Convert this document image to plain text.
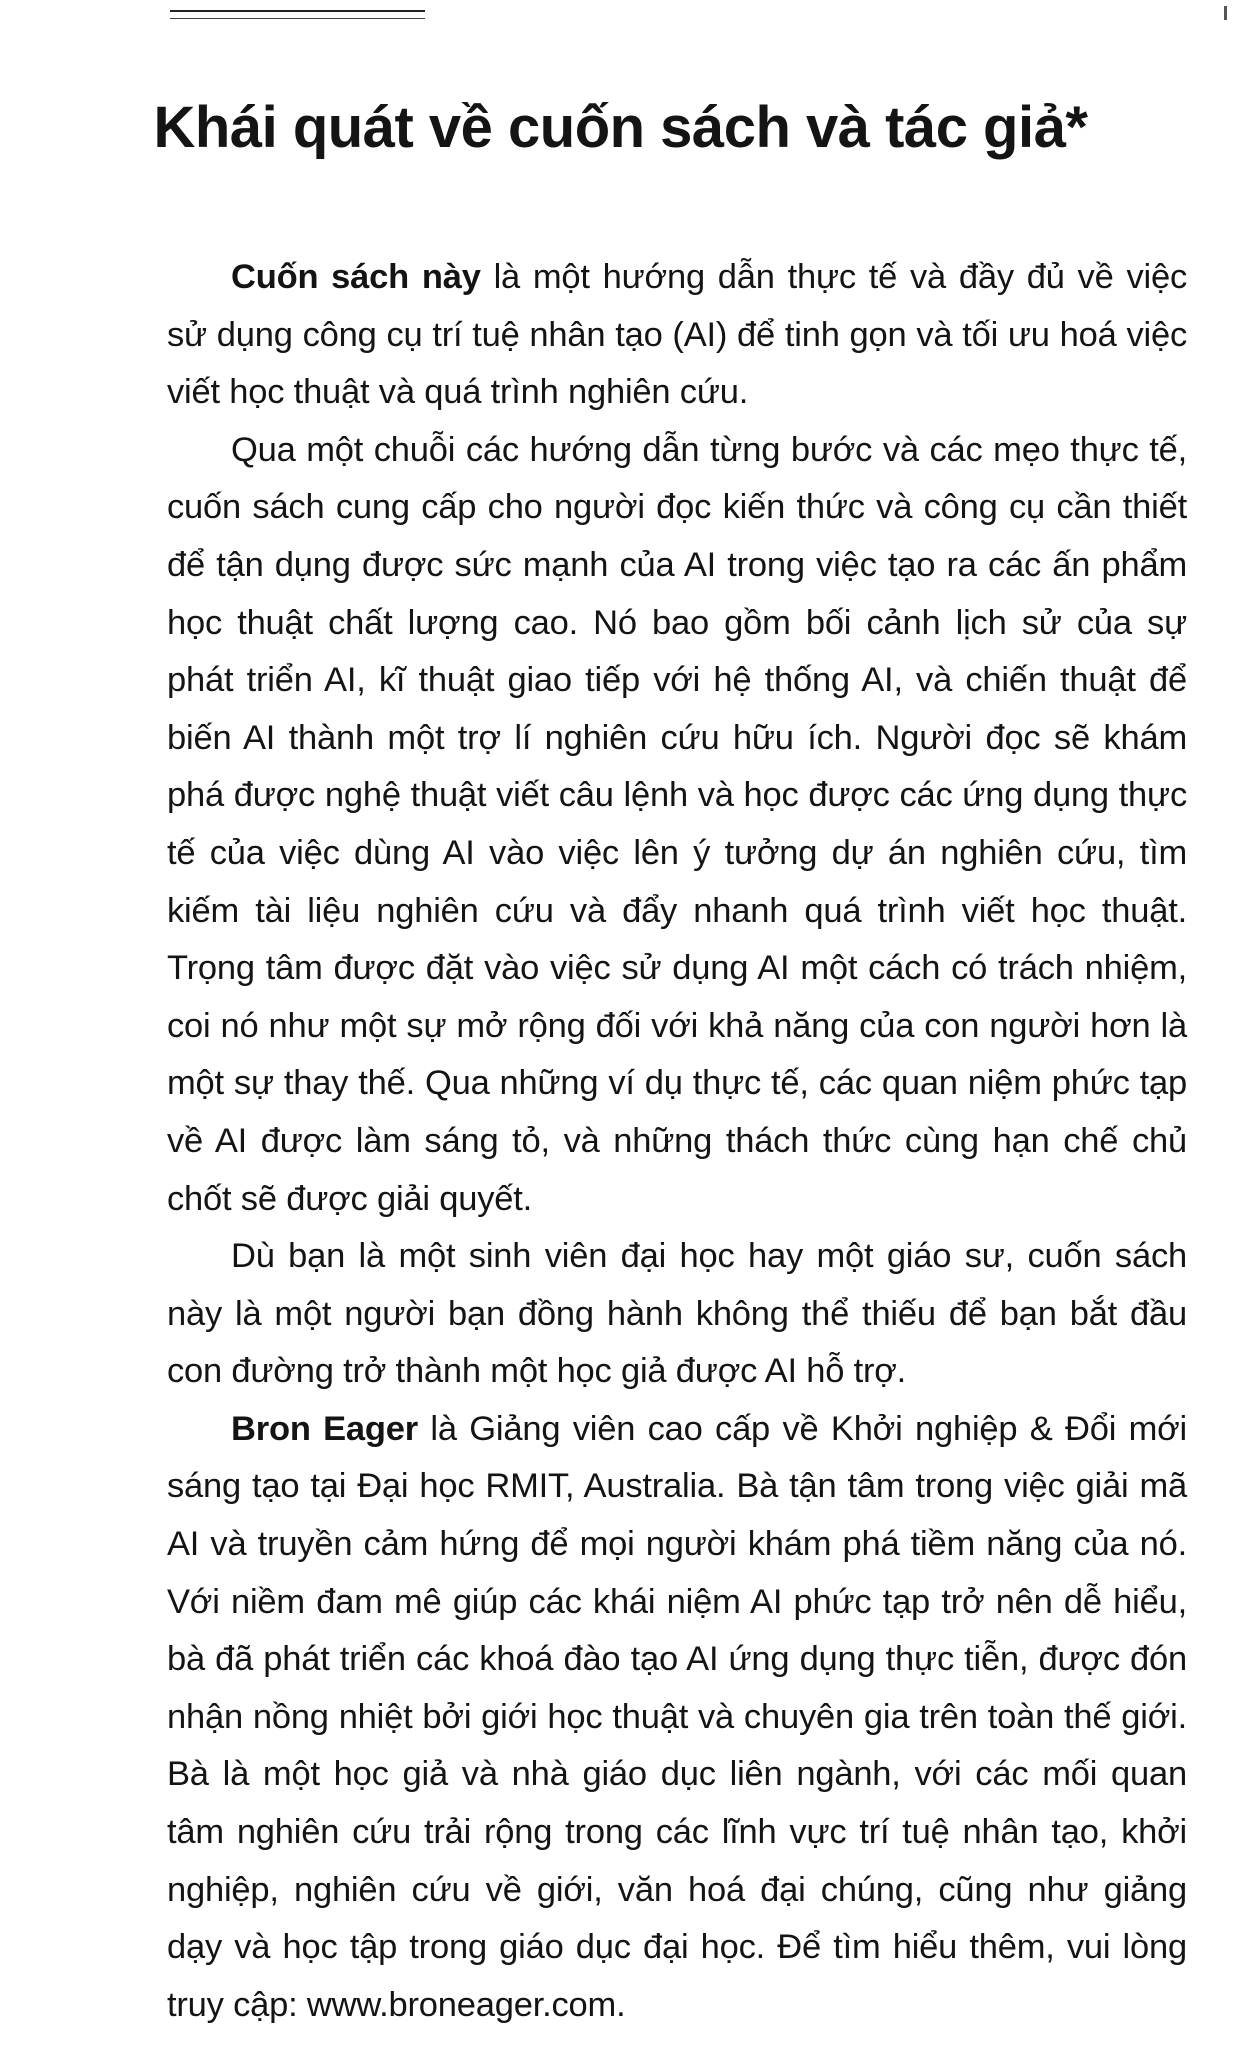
Khái quát về cuốn sách và tác giả*

Cuốn sách này là một hướng dẫn thực tế và đầy đủ về việc sử dụng công cụ trí tuệ nhân tạo (AI) để tinh gọn và tối ưu hoá việc viết học thuật và quá trình nghiên cứu.

Qua một chuỗi các hướng dẫn từng bước và các mẹo thực tế, cuốn sách cung cấp cho người đọc kiến thức và công cụ cần thiết để tận dụng được sức mạnh của AI trong việc tạo ra các ấn phẩm học thuật chất lượng cao. Nó bao gồm bối cảnh lịch sử của sự phát triển AI, kĩ thuật giao tiếp với hệ thống AI, và chiến thuật để biến AI thành một trợ lí nghiên cứu hữu ích. Người đọc sẽ khám phá được nghệ thuật viết câu lệnh và học được các ứng dụng thực tế của việc dùng AI vào việc lên ý tưởng dự án nghiên cứu, tìm kiếm tài liệu nghiên cứu và đẩy nhanh quá trình viết học thuật. Trọng tâm được đặt vào việc sử dụng AI một cách có trách nhiệm, coi nó như một sự mở rộng đối với khả năng của con người hơn là một sự thay thế. Qua những ví dụ thực tế, các quan niệm phức tạp về AI được làm sáng tỏ, và những thách thức cùng hạn chế chủ chốt sẽ được giải quyết.

Dù bạn là một sinh viên đại học hay một giáo sư, cuốn sách này là một người bạn đồng hành không thể thiếu để bạn bắt đầu con đường trở thành một học giả được AI hỗ trợ.

Bron Eager là Giảng viên cao cấp về Khởi nghiệp & Đổi mới sáng tạo tại Đại học RMIT, Australia. Bà tận tâm trong việc giải mã AI và truyền cảm hứng để mọi người khám phá tiềm năng của nó. Với niềm đam mê giúp các khái niệm AI phức tạp trở nên dễ hiểu, bà đã phát triển các khoá đào tạo AI ứng dụng thực tiễn, được đón nhận nồng nhiệt bởi giới học thuật và chuyên gia trên toàn thế giới. Bà là một học giả và nhà giáo dục liên ngành, với các mối quan tâm nghiên cứu trải rộng trong các lĩnh vực trí tuệ nhân tạo, khởi nghiệp, nghiên cứu về giới, văn hoá đại chúng, cũng như giảng dạy và học tập trong giáo dục đại học. Để tìm hiểu thêm, vui lòng truy cập: www.broneager.com.
